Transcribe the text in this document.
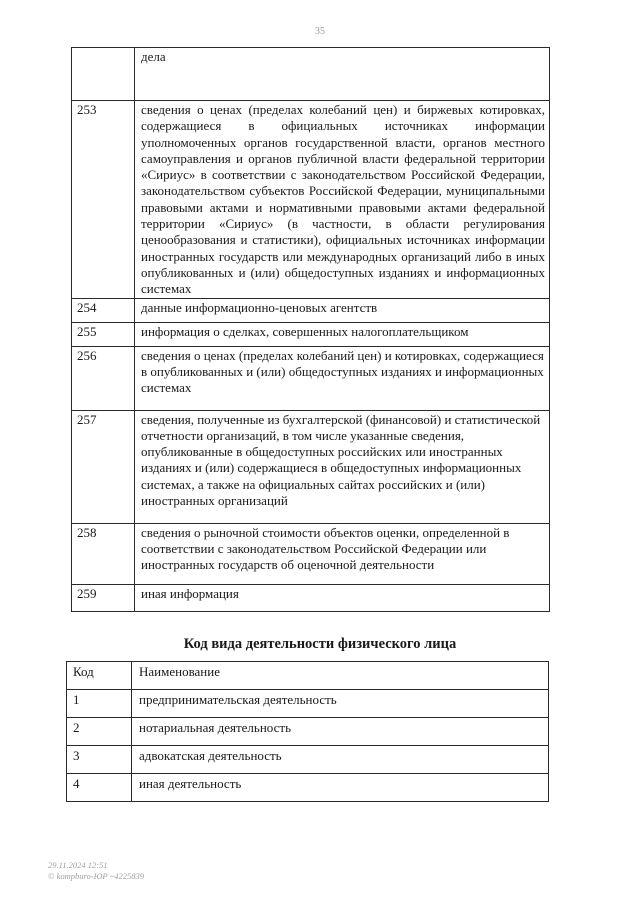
35
	дела
253	сведения о ценах (пределах колебаний цен) и биржевых котировках, содержащиеся в официальных источниках информации уполномоченных органов государственной власти, органов местного самоуправления и органов публичной власти федеральной территории «Сириус» в соответствии с законодательством Российской Федерации, законодательством субъектов Российской Федерации, муниципальными правовыми актами и нормативными правовыми актами федеральной территории «Сириус» (в частности, в области регулирования ценообразования и статистики), официальных источниках информации иностранных государств или международных организаций либо в иных опубликованных и (или) общедоступных изданиях и информационных системах
254	данные информационно-ценовых агентств
255	информация о сделках, совершенных налогоплательщиком
256	сведения о ценах (пределах колебаний цен) и котировках, содержащиеся в опубликованных и (или) общедоступных изданиях и информационных системах
257	сведения, полученные из бухгалтерской (финансовой) и статистической отчетности организаций, в том числе указанные сведения, опубликованные в общедоступных российских или иностранных изданиях и (или) содержащиеся в общедоступных информационных системах, а также на официальных сайтах российских и (или) иностранных организаций
258	сведения о рыночной стоимости объектов оценки, определенной в соответствии с законодательством Российской Федерации или иностранных государств об оценочной деятельности
259	иная информация
Код вида деятельности физического лица
Код	Наименование
1	предпринимательская деятельность
2	нотариальная деятельность
3	адвокатская деятельность
4	иная деятельность
29.11.2024 12:51
© kompburo-ЮР ~4225839
